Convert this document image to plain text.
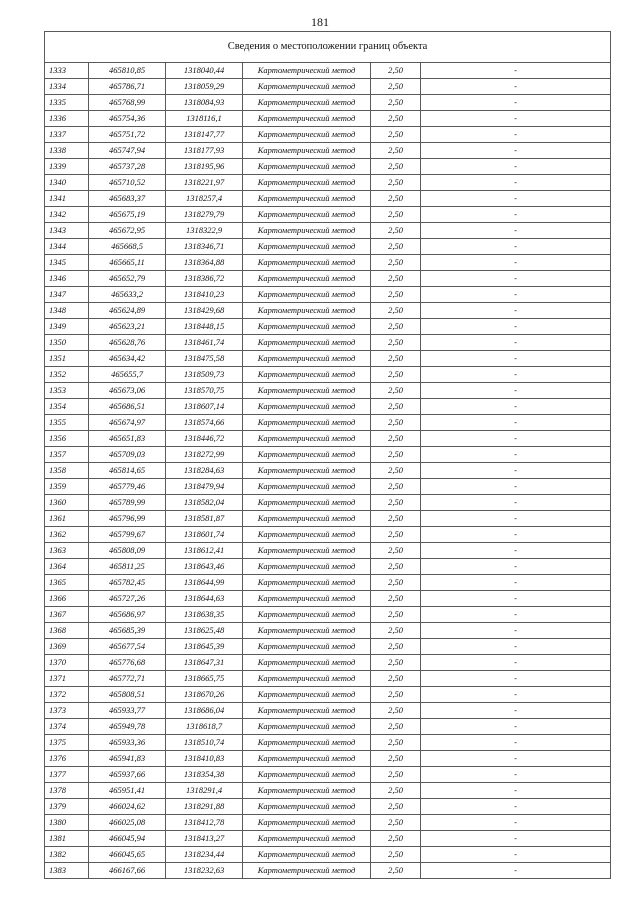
181
Сведения о местоположении границ объекта					
1333	465810,85	1318040,44	Картометрический метод	2,50	-
1334	465786,71	1318059,29	Картометрический метод	2,50	-
1335	465768,99	1318084,93	Картометрический метод	2,50	-
1336	465754,36	1318116,1	Картометрический метод	2,50	-
1337	465751,72	1318147,77	Картометрический метод	2,50	-
1338	465747,94	1318177,93	Картометрический метод	2,50	-
1339	465737,28	1318195,96	Картометрический метод	2,50	-
1340	465710,52	1318221,97	Картометрический метод	2,50	-
1341	465683,37	1318257,4	Картометрический метод	2,50	-
1342	465675,19	1318279,79	Картометрический метод	2,50	-
1343	465672,95	1318322,9	Картометрический метод	2,50	-
1344	465668,5	1318346,71	Картометрический метод	2,50	-
1345	465665,11	1318364,88	Картометрический метод	2,50	-
1346	465652,79	1318386,72	Картометрический метод	2,50	-
1347	465633,2	1318410,23	Картометрический метод	2,50	-
1348	465624,89	1318429,68	Картометрический метод	2,50	-
1349	465623,21	1318448,15	Картометрический метод	2,50	-
1350	465628,76	1318461,74	Картометрический метод	2,50	-
1351	465634,42	1318475,58	Картометрический метод	2,50	-
1352	465655,7	1318509,73	Картометрический метод	2,50	-
1353	465673,06	1318570,75	Картометрический метод	2,50	-
1354	465686,51	1318607,14	Картометрический метод	2,50	-
1355	465674,97	1318574,66	Картометрический метод	2,50	-
1356	465651,83	1318446,72	Картометрический метод	2,50	-
1357	465709,03	1318272,99	Картометрический метод	2,50	-
1358	465814,65	1318284,63	Картометрический метод	2,50	-
1359	465779,46	1318479,94	Картометрический метод	2,50	-
1360	465789,99	1318582,04	Картометрический метод	2,50	-
1361	465796,99	1318581,87	Картометрический метод	2,50	-
1362	465799,67	1318601,74	Картометрический метод	2,50	-
1363	465808,09	1318612,41	Картометрический метод	2,50	-
1364	465811,25	1318643,46	Картометрический метод	2,50	-
1365	465782,45	1318644,99	Картометрический метод	2,50	-
1366	465727,26	1318644,63	Картометрический метод	2,50	-
1367	465686,97	1318638,35	Картометрический метод	2,50	-
1368	465685,39	1318625,48	Картометрический метод	2,50	-
1369	465677,54	1318645,39	Картометрический метод	2,50	-
1370	465776,68	1318647,31	Картометрический метод	2,50	-
1371	465772,71	1318665,75	Картометрический метод	2,50	-
1372	465808,51	1318670,26	Картометрический метод	2,50	-
1373	465933,77	1318686,04	Картометрический метод	2,50	-
1374	465949,78	1318618,7	Картометрический метод	2,50	-
1375	465933,36	1318510,74	Картометрический метод	2,50	-
1376	465941,83	1318410,83	Картометрический метод	2,50	-
1377	465937,66	1318354,38	Картометрический метод	2,50	-
1378	465951,41	1318291,4	Картометрический метод	2,50	-
1379	466024,62	1318291,88	Картометрический метод	2,50	-
1380	466025,08	1318412,78	Картометрический метод	2,50	-
1381	466045,94	1318413,27	Картометрический метод	2,50	-
1382	466045,65	1318234,44	Картометрический метод	2,50	-
1383	466167,66	1318232,63	Картометрический метод	2,50	-
